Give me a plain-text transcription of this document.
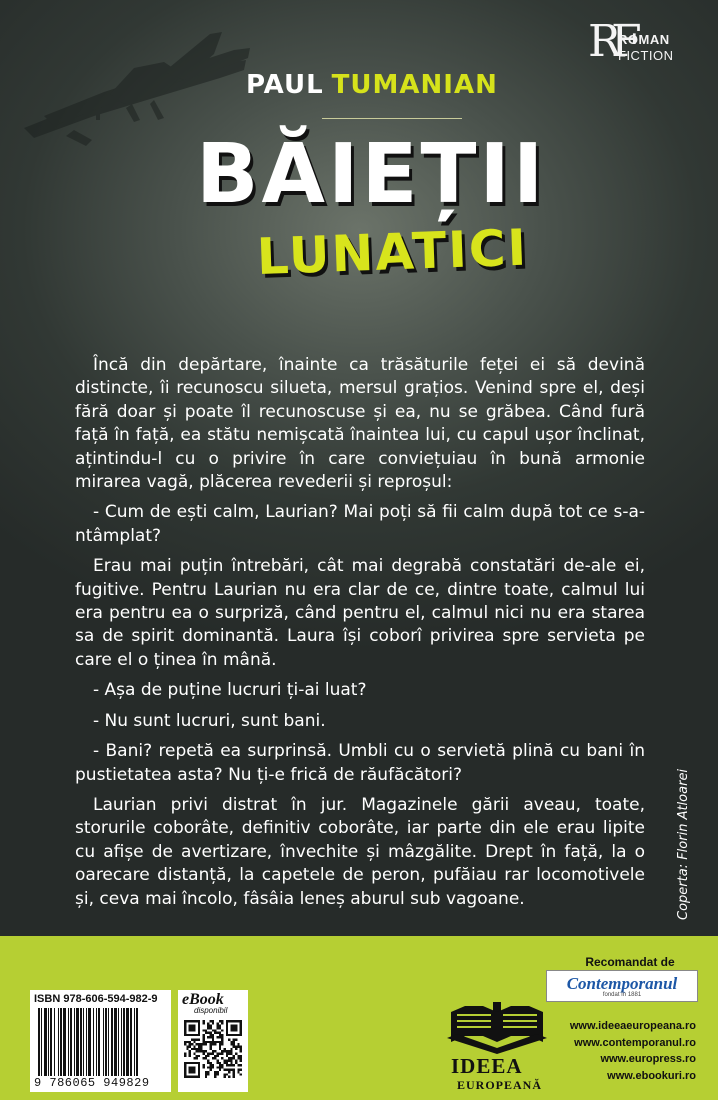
RF
ROMAN
FICTION
PAUL TUMANIAN
BĂIEȚII
LUNATICI

Încă din depărtare, înainte ca trăsăturile feței ei să devină distincte, îi recunoscu silueta, mersul grațios. Venind spre el, deși fără doar și poate îl recunoscuse și ea, nu se grăbea. Când fură față în față, ea stătu nemișcată înaintea lui, cu capul ușor înclinat, ațintindu-l cu o privire în care conviețuiau în bună armonie mirarea vagă, plăcerea revederii și reproșul:

- Cum de ești calm, Laurian? Mai poți să fii calm după tot ce s-a-ntâmplat?

Erau mai puțin întrebări, cât mai degrabă constatări de-ale ei, fugitive. Pentru Laurian nu era clar de ce, dintre toate, calmul lui era pentru ea o surpriză, când pentru el, calmul nici nu era starea sa de spirit dominantă. Laura își coborî privirea spre servieta pe care el o ținea în mână.

- Așa de puține lucruri ți-ai luat?

- Nu sunt lucruri, sunt bani.

- Bani? repetă ea surprinsă. Umbli cu o servietă plină cu bani în pustietatea asta? Nu ți-e frică de răufăcători?

Laurian privi distrat în jur. Magazinele gării aveau, toate, storurile coborâte, definitiv coborâte, iar parte din ele erau lipite cu afișe de avertizare, învechite și mâzgălite. Drept în față, la o oarecare distanță, la capetele de peron, pufăiau rar locomotivele și, ceva mai încolo, fâsâia leneș aburul sub vagoane.	Coperta: Florin Atloarei
ISBN 978-606-594-982-9
9 786065 949829
eBook
disponibil
IDEEA
EUROPEANĂ
Recomandat de
Contemporanul
fondat în 1881
www.ideeaeuropeana.ro
www.contemporanul.ro
www.europress.ro
www.ebookuri.ro
